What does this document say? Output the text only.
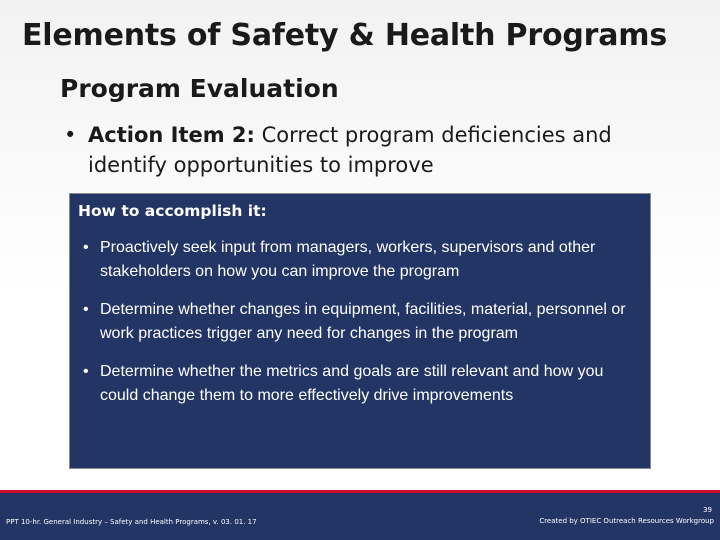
Elements of Safety & Health Programs
Program Evaluation
• Action Item 2: Correct program deficiencies and identify opportunities to improve
How to accomplish it:
• Proactively seek input from managers, workers, supervisors and other stakeholders on how you can improve the program
• Determine whether changes in equipment, facilities, material, personnel or work practices trigger any need for changes in the program
• Determine whether the metrics and goals are still relevant and how you could change them to more effectively drive improvements
PPT 10-hr. General Industry – Safety and Health Programs, v. 03. 01. 17
39
Created by OTIEC Outreach Resources Workgroup
